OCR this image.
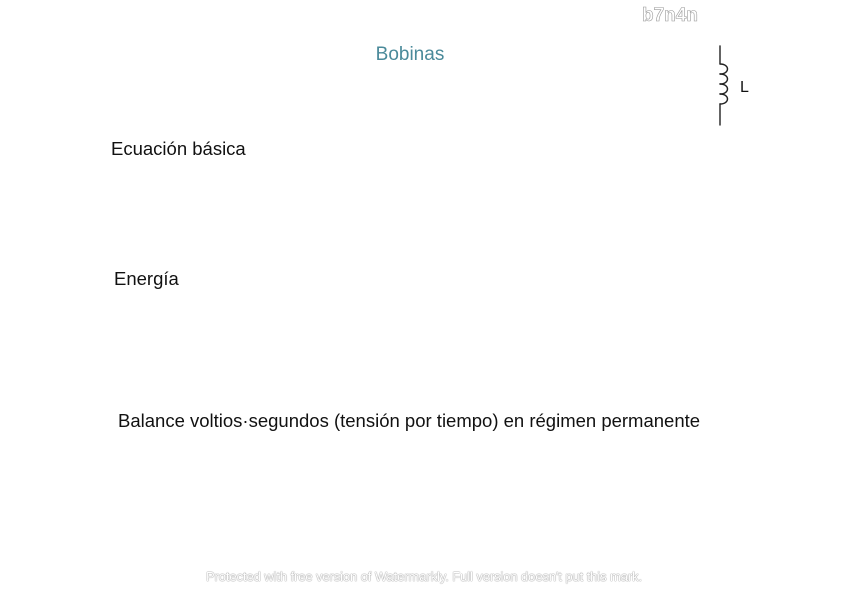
b7n4n
Bobinas
L
Ecuación básica
Energía
Balance voltios·segundos (tensión por tiempo) en régimen permanente
Protected with free version of Watermarkly. Full version doesn't put this mark.
